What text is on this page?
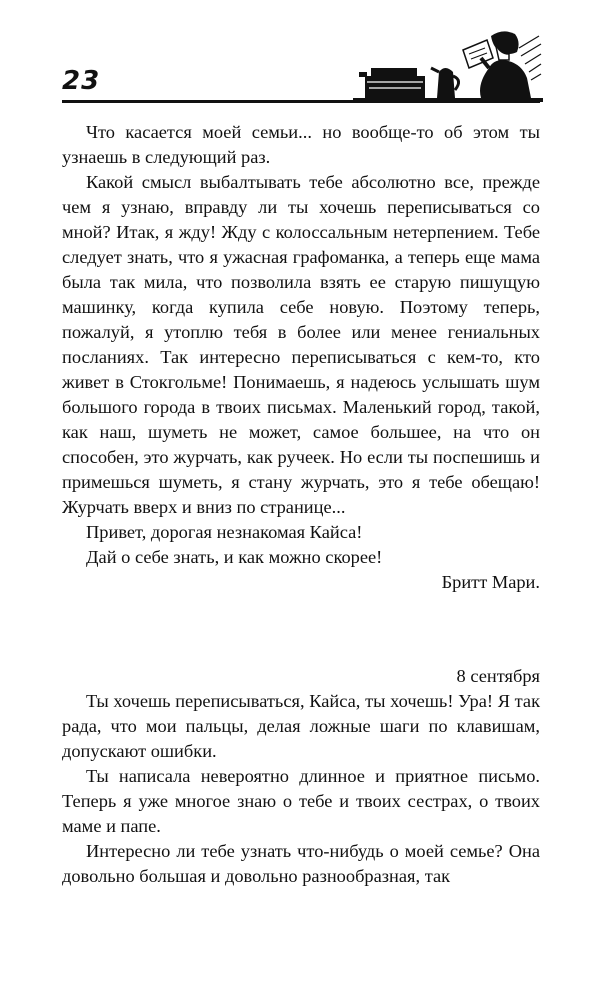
23

Что касается моей семьи... но вообще-то об этом ты узнаешь в следующий раз.

Какой смысл выбалтывать тебе абсолютно все, прежде чем я узнаю, вправду ли ты хочешь переписываться со мной? Итак, я жду! Жду с колоссальным нетерпением. Тебе следует знать, что я ужасная графоманка, а теперь еще мама была так мила, что позволила взять ее старую пишущую машинку, когда купила себе новую. Поэтому теперь, пожалуй, я утоплю тебя в более или менее гениальных посланиях. Так интересно переписываться с кем-то, кто живет в Стокгольме! Понимаешь, я надеюсь услышать шум большого города в твоих письмах. Маленький город, такой, как наш, шуметь не может, самое большее, на что он способен, это журчать, как ручеек. Но если ты поспешишь и примешься шуметь, я стану журчать, это я тебе обещаю! Журчать вверх и вниз по странице...

Привет, дорогая незнакомая Кайса!

Дай о себе знать, и как можно скорее!

Бритт Мари.

8 сентября

Ты хочешь переписываться, Кайса, ты хочешь! Ура! Я так рада, что мои пальцы, делая ложные шаги по клавишам, допускают ошибки.

Ты написала невероятно длинное и приятное письмо. Теперь я уже многое знаю о тебе и твоих сестрах, о твоих маме и папе.

Интересно ли тебе узнать что-нибудь о моей семье? Она довольно большая и довольно разнообразная, так
